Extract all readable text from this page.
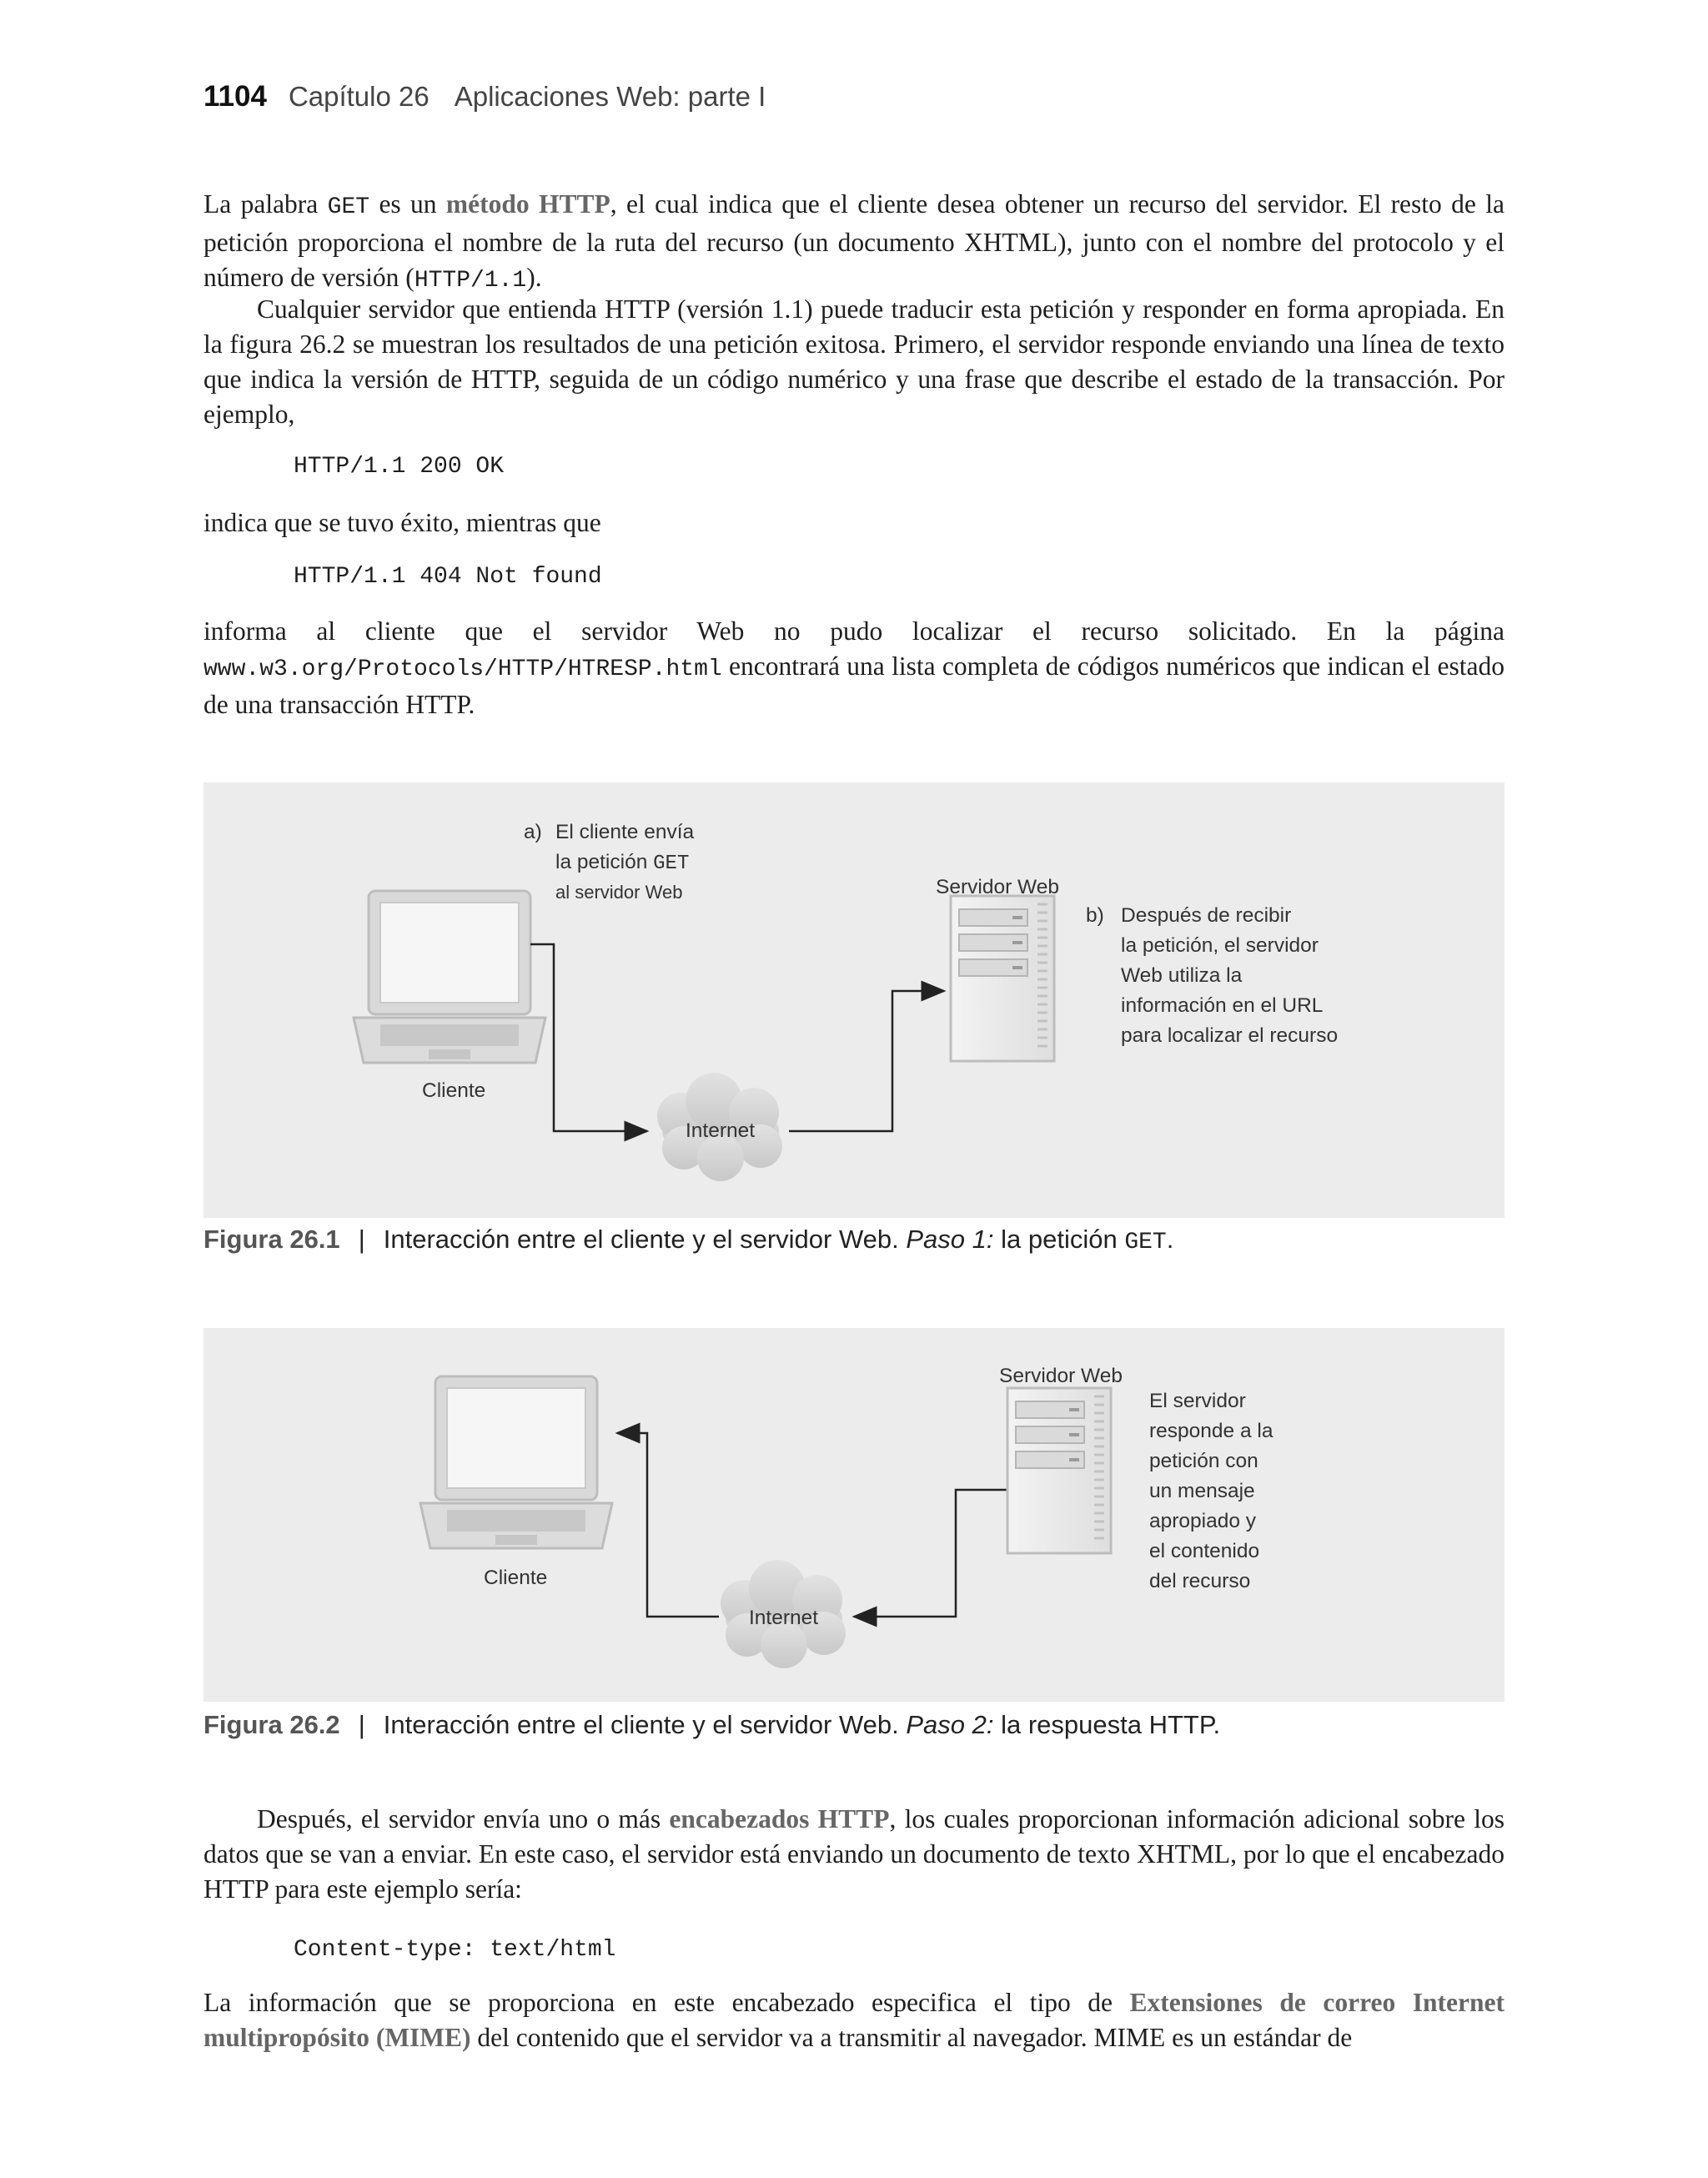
1104 Capítulo 26 Aplicaciones Web: parte I

La palabra GET es un método HTTP, el cual indica que el cliente desea obtener un recurso del servidor. El resto de la petición proporciona el nombre de la ruta del recurso (un documento XHTML), junto con el nombre del protocolo y el número de versión (HTTP/1.1).

Cualquier servidor que entienda HTTP (versión 1.1) puede traducir esta petición y responder en forma apropiada. En la figura 26.2 se muestran los resultados de una petición exitosa. Primero, el servidor responde enviando una línea de texto que indica la versión de HTTP, seguida de un código numérico y una frase que describe el estado de la transacción. Por ejemplo,

HTTP/1.1 200 OK

indica que se tuvo éxito, mientras que

HTTP/1.1 404 Not found

informa al cliente que el servidor Web no pudo localizar el recurso solicitado. En la página www.w3.org/Protocols/HTTP/HTRESP.html encontrará una lista completa de códigos numéricos que indican el estado de una transacción HTTP.

a) El cliente envía
la petición GET
al servidor Web	Servidor Web
b) Después de recibir
la petición, el servidor
Web utiliza la
información en el URL
para localizar el recurso
Cliente
Internet

Figura 26.1 | Interacción entre el cliente y el servidor Web. Paso 1: la petición GET.

Servidor Web
El servidor
responde a la
petición con
un mensaje
apropiado y
el contenido
del recurso
Cliente
Internet

Figura 26.2 | Interacción entre el cliente y el servidor Web. Paso 2: la respuesta HTTP.

Después, el servidor envía uno o más encabezados HTTP, los cuales proporcionan información adicional sobre los datos que se van a enviar. En este caso, el servidor está enviando un documento de texto XHTML, por lo que el encabezado HTTP para este ejemplo sería:

Content-type: text/html

La información que se proporciona en este encabezado especifica el tipo de Extensiones de correo Internet multipropósito (MIME) del contenido que el servidor va a transmitir al navegador. MIME es un estándar de
